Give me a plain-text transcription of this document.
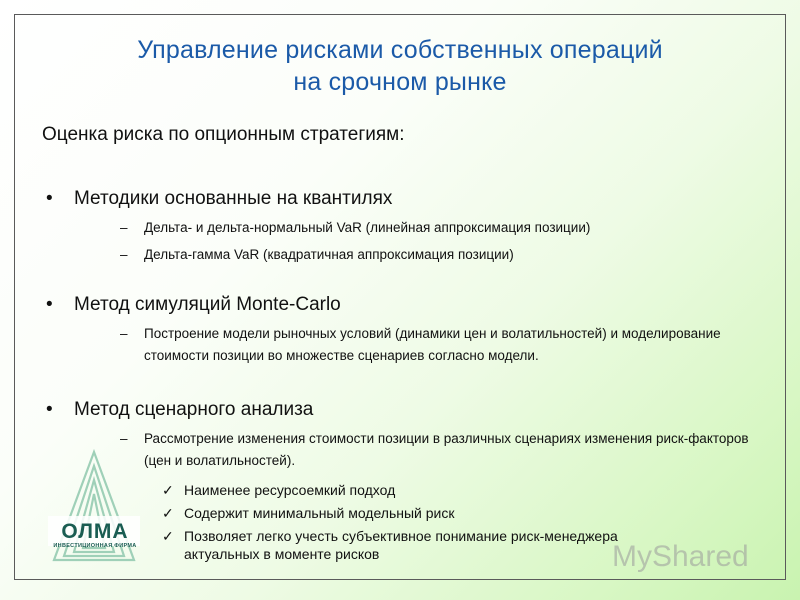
Управление рисками собственных операций
на срочном рынке
Оценка риска по опционным стратегиям:
• Методики основанные на квантилях
– Дельта- и дельта-нормальный VaR (линейная аппроксимация позиции)
– Дельта-гамма VaR (квадратичная аппроксимация позиции)
• Метод симуляций Monte-Carlo
– Построение модели рыночных условий (динамики цен и волатильностей) и моделирование стоимости позиции во множестве сценариев согласно модели.
• Метод сценарного анализа
– Рассмотрение изменения стоимости позиции в различных сценариях изменения риск-факторов (цен и волатильностей).
✓ Наименее ресурсоемкий подход
✓ Содержит минимальный модельный риск
✓ Позволяет легко учесть субъективное понимание риск-менеджера актуальных в моменте рисков
ОЛМА
ИНВЕСТИЦИОННАЯ ФИРМА	MyShared
